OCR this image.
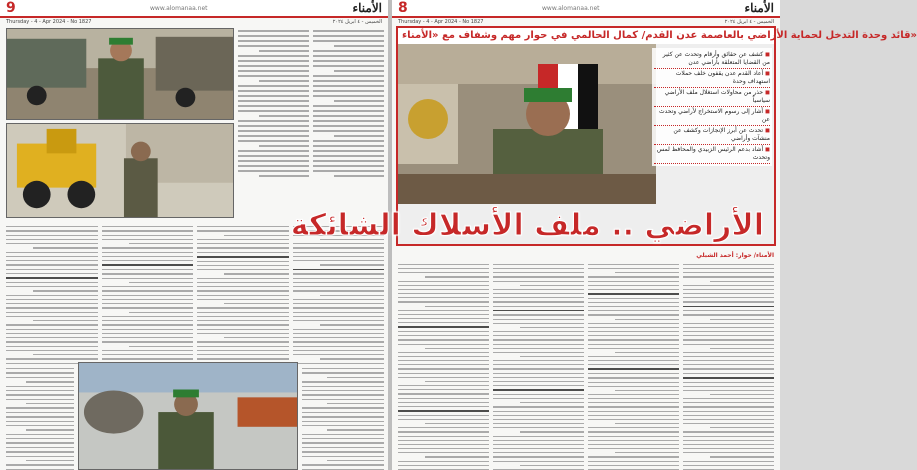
9	الأمناء
www.alomanaa.net
Thursday - 4 - Apr 2024 - No 1827	الخميس - ٤ ابريل ٢٠٢٤
8	الأمناء
www.alomanaa.net
Thursday - 4 - Apr 2024 - No 1827	الخميس - ٤ ابريل ٢٠٢٤
قائد وحدة التدخل لحماية الأراضي بالعاصمة عدن القدم/ كمال الحالمي في حوار مهم وشفاف مع «الأمناء»
◼ كشف عن حقائق وأرقام وتحدث عن كثير من القضايا المتعلقة بأراضي عدن
◼ أعاد القدم عدن يقفون خلف حملات استهداف وحدة
◼ حذر من محاولات استغلال ملف الأراضي سياسياً
◼ أشار إلى رسوم الاستخراج لأراضي وتحدث عن
◼ تحدث عن أبرز الإنجازات وكشف عن منشآت وأراضي
◼ أشاد بدعم الرئيس الزبيدي والمحافظ لمس وتحدث
الأراضي .. ملف الأسلاك الشائكة
الأمناء/ حوار: أحمد الشبلي
